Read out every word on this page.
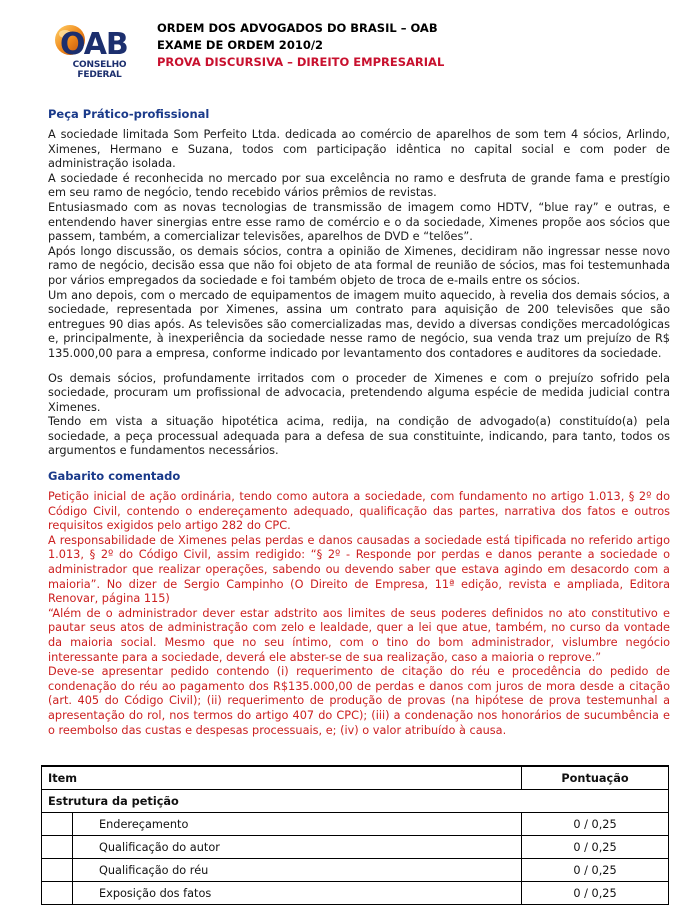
OAB
CONSELHO FEDERAL
ORDEM DOS ADVOGADOS DO BRASIL – OAB
EXAME DE ORDEM 2010/2
PROVA DISCURSIVA – DIREITO EMPRESARIAL
Peça Prático-profissional

A sociedade limitada Som Perfeito Ltda. dedicada ao comércio de aparelhos de som tem 4 sócios, Arlindo, Ximenes, Hermano e Suzana, todos com participação idêntica no capital social e com poder de administração isolada.

A sociedade é reconhecida no mercado por sua excelência no ramo e desfruta de grande fama e prestígio em seu ramo de negócio, tendo recebido vários prêmios de revistas.

Entusiasmado com as novas tecnologias de transmissão de imagem como HDTV, “blue ray” e outras, e entendendo haver sinergias entre esse ramo de comércio e o da sociedade, Ximenes propõe aos sócios que passem, também, a comercializar televisões, aparelhos de DVD e “telões”.

Após longo discussão, os demais sócios, contra a opinião de Ximenes, decidiram não ingressar nesse novo ramo de negócio, decisão essa que não foi objeto de ata formal de reunião de sócios, mas foi testemunhada por vários empregados da sociedade e foi também objeto de troca de e-mails entre os sócios.

Um ano depois, com o mercado de equipamentos de imagem muito aquecido, à revelia dos demais sócios, a sociedade, representada por Ximenes, assina um contrato para aquisição de 200 televisões que são entregues 90 dias após. As televisões são comercializadas mas, devido a diversas condições mercadológicas e, principalmente, à inexperiência da sociedade nesse ramo de negócio, sua venda traz um prejuízo de R$ 135.000,00 para a empresa, conforme indicado por levantamento dos contadores e auditores da sociedade.

Os demais sócios, profundamente irritados com o proceder de Ximenes e com o prejuízo sofrido pela sociedade, procuram um profissional de advocacia, pretendendo alguma espécie de medida judicial contra Ximenes.

Tendo em vista a situação hipotética acima, redija, na condição de advogado(a) constituído(a) pela sociedade, a peça processual adequada para a defesa de sua constituinte, indicando, para tanto, todos os argumentos e fundamentos necessários.

Gabarito comentado

Petição inicial de ação ordinária, tendo como autora a sociedade, com fundamento no artigo 1.013, § 2º do Código Civil, contendo o endereçamento adequado, qualificação das partes, narrativa dos fatos e outros requisitos exigidos pelo artigo 282 do CPC.

A responsabilidade de Ximenes pelas perdas e danos causadas a sociedade está tipificada no referido artigo 1.013, § 2º do Código Civil, assim redigido: “§ 2º - Responde por perdas e danos perante a sociedade o administrador que realizar operações, sabendo ou devendo saber que estava agindo em desacordo com a maioria”. No dizer de Sergio Campinho (O Direito de Empresa, 11ª edição, revista e ampliada, Editora Renovar, página 115)

“Além de o administrador dever estar adstrito aos limites de seus poderes definidos no ato constitutivo e pautar seus atos de administração com zelo e lealdade, quer a lei que atue, também, no curso da vontade da maioria social. Mesmo que no seu íntimo, com o tino do bom administrador, vislumbre negócio interessante para a sociedade, deverá ele abster-se de sua realização, caso a maioria o reprove.”

Deve-se apresentar pedido contendo (i) requerimento de citação do réu e procedência do pedido de condenação do réu ao pagamento dos R$135.000,00 de perdas e danos com juros de mora desde a citação (art. 405 do Código Civil); (ii) requerimento de produção de provas (na hipótese de prova testemunhal a apresentação do rol, nos termos do artigo 407 do CPC); (iii) a condenação nos honorários de sucumbência e o reembolso das custas e despesas processuais, e; (iv) o valor atribuído à causa.

Item		Pontuação
Estrutura da petição		
	Endereçamento	0 / 0,25
	Qualificação do autor	0 / 0,25
	Qualificação do réu	0 / 0,25
	Exposição dos fatos	0 / 0,25
